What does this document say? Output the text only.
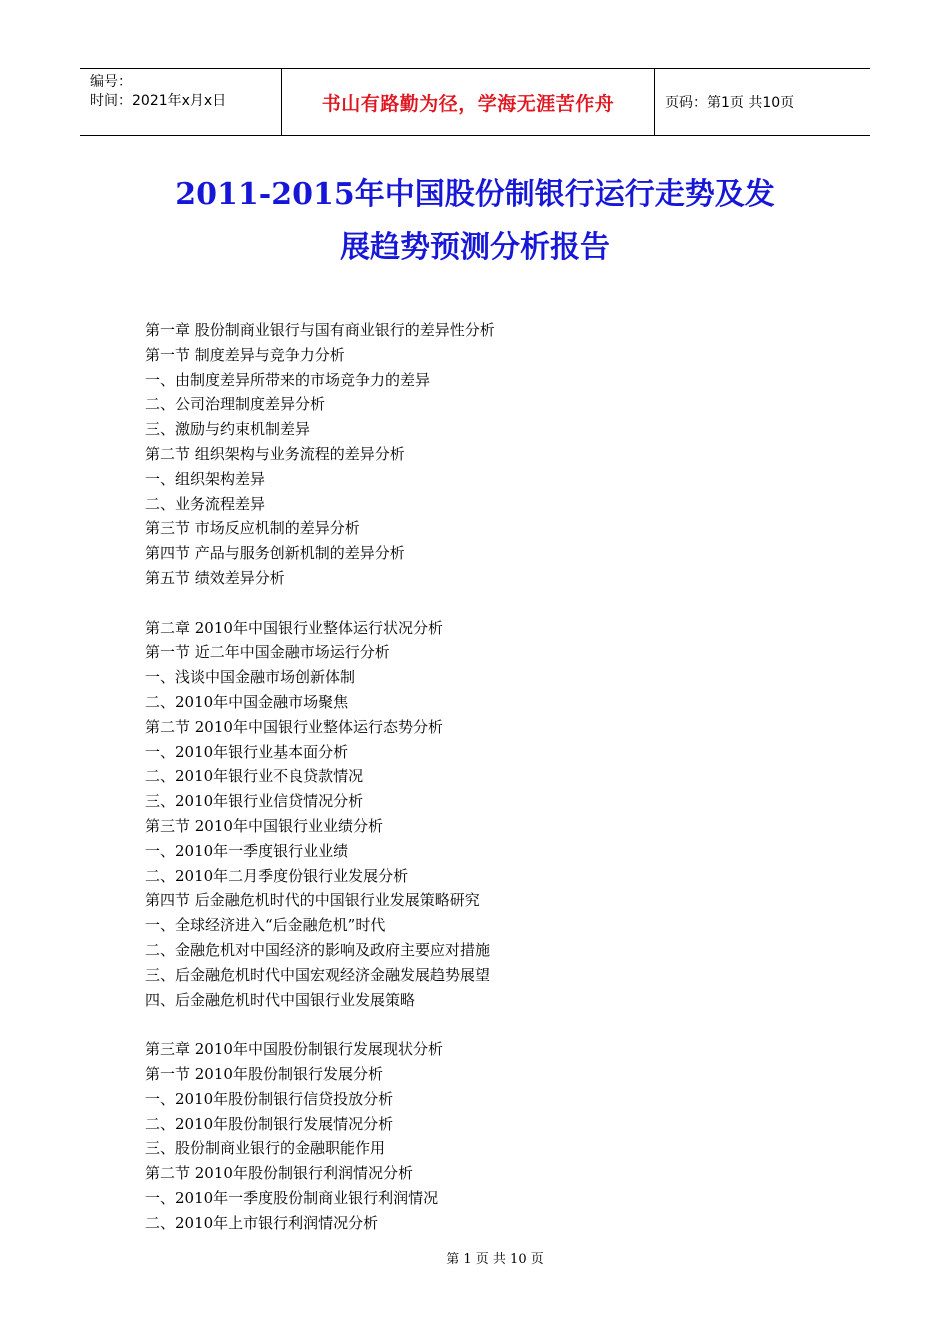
编号：
时间：2021年x月x日	书山有路勤为径，学海无涯苦作舟	页码：第1页 共10页
2011-2015年中国股份制银行运行走势及发
展趋势预测分析报告
第一章 股份制商业银行与国有商业银行的差异性分析
第一节 制度差异与竞争力分析
一、由制度差异所带来的市场竞争力的差异
二、公司治理制度差异分析
三、激励与约束机制差异
第二节 组织架构与业务流程的差异分析
一、组织架构差异
二、业务流程差异
第三节 市场反应机制的差异分析
第四节 产品与服务创新机制的差异分析
第五节 绩效差异分析
第二章 2010年中国银行业整体运行状况分析
第一节 近二年中国金融市场运行分析
一、浅谈中国金融市场创新体制
二、2010年中国金融市场聚焦
第二节 2010年中国银行业整体运行态势分析
一、2010年银行业基本面分析
二、2010年银行业不良贷款情况
三、2010年银行业信贷情况分析
第三节 2010年中国银行业业绩分析
一、2010年一季度银行业业绩
二、2010年二月季度份银行业发展分析
第四节 后金融危机时代的中国银行业发展策略研究
一、全球经济进入“后金融危机”时代
二、金融危机对中国经济的影响及政府主要应对措施
三、后金融危机时代中国宏观经济金融发展趋势展望
四、后金融危机时代中国银行业发展策略
第三章 2010年中国股份制银行发展现状分析
第一节 2010年股份制银行发展分析
一、2010年股份制银行信贷投放分析
二、2010年股份制银行发展情况分析
三、股份制商业银行的金融职能作用
第二节 2010年股份制银行利润情况分析
一、2010年一季度股份制商业银行利润情况
二、2010年上市银行利润情况分析
第 1 页 共 10 页
